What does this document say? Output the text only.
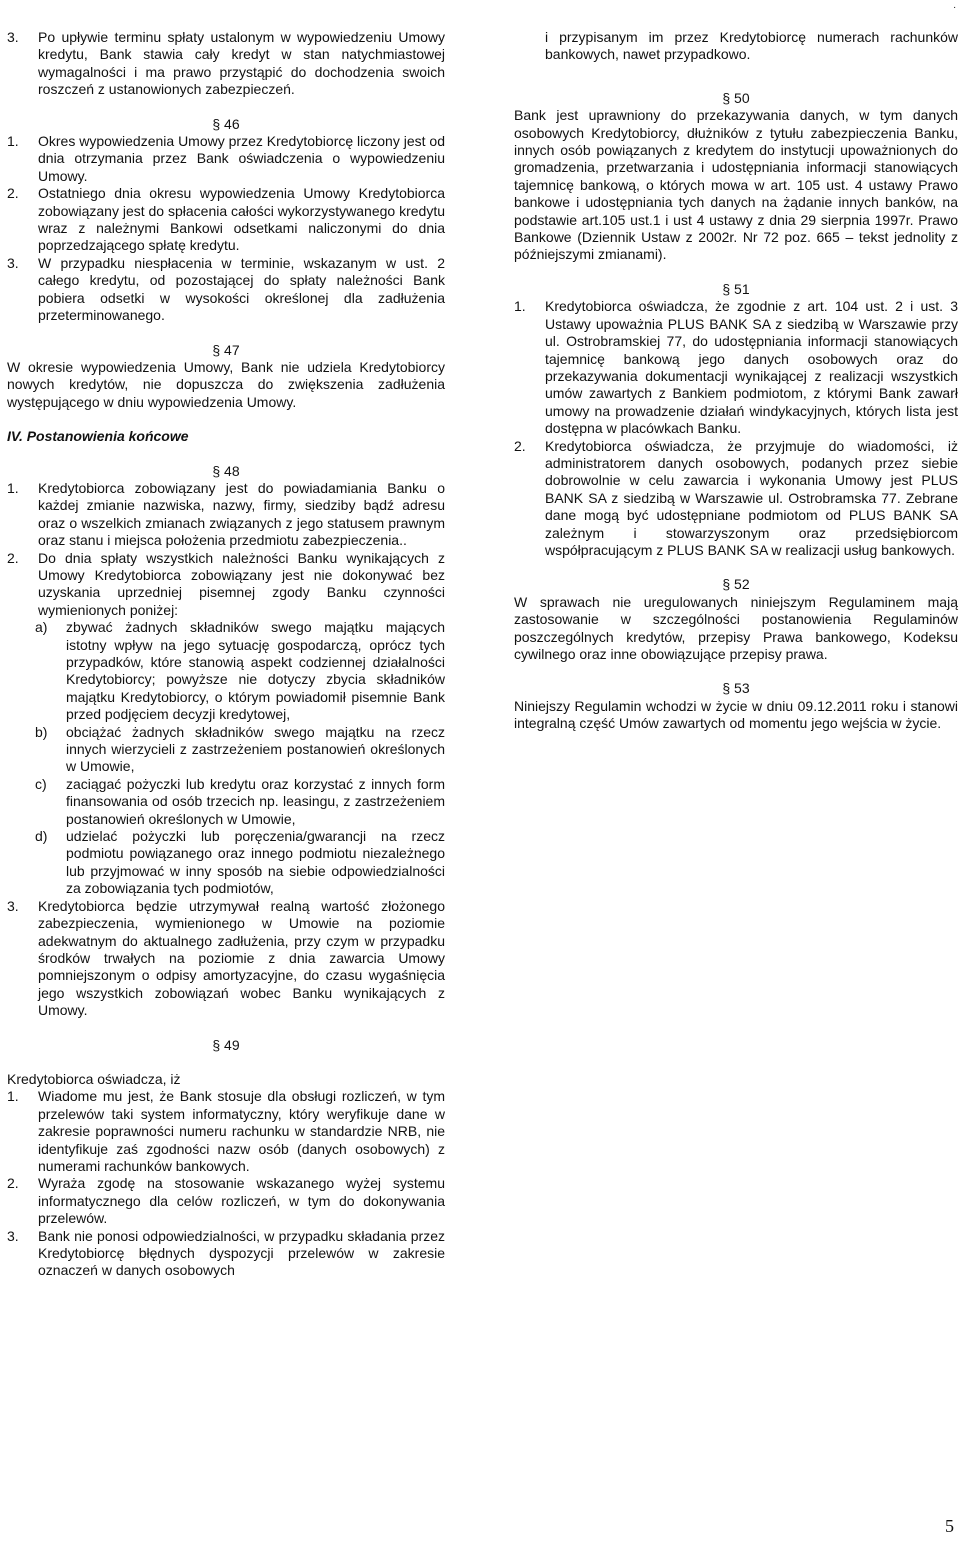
.

3. Po upływie terminu spłaty ustalonym w wypowiedzeniu Umowy kredytu, Bank stawia cały kredyt w stan natychmiastowej wymagalności i ma prawo przystąpić do dochodzenia swoich roszczeń z ustanowionych zabezpieczeń.

§ 46

1. Okres wypowiedzenia Umowy przez Kredytobiorcę liczony jest od dnia otrzymania przez Bank oświadczenia o wypowiedzeniu Umowy.

2. Ostatniego dnia okresu wypowiedzenia Umowy Kredytobiorca zobowiązany jest do spłacenia całości wykorzystywanego kredytu wraz z należnymi Bankowi odsetkami naliczonymi do dnia poprzedzającego spłatę kredytu.

3. W przypadku niespłacenia w terminie, wskazanym w ust. 2 całego kredytu, od pozostającej do spłaty należności Bank pobiera odsetki w wysokości określonej dla zadłużenia przeterminowanego.

§ 47

W okresie wypowiedzenia Umowy, Bank nie udziela Kredytobiorcy nowych kredytów, nie dopuszcza do zwiększenia zadłużenia występującego w dniu wypowiedzenia Umowy.

IV. Postanowienia końcowe

§ 48

1. Kredytobiorca zobowiązany jest do powiadamiania Banku o każdej zmianie nazwiska, nazwy, firmy, siedziby bądź adresu oraz o wszelkich zmianach związanych z jego statusem prawnym oraz stanu i miejsca położenia przedmiotu zabezpieczenia..

2. Do dnia spłaty wszystkich należności Banku wynikających z Umowy Kredytobiorca zobowiązany jest nie dokonywać bez uzyskania uprzedniej pisemnej zgody Banku czynności wymienionych poniżej:

a) zbywać żadnych składników swego majątku mających istotny wpływ na jego sytuację gospodarczą, oprócz tych przypadków, które stanowią aspekt codziennej działalności Kredytobiorcy; powyższe nie dotyczy zbycia składników majątku Kredytobiorcy, o którym powiadomił pisemnie Bank przed podjęciem decyzji kredytowej,

b) obciążać żadnych składników swego majątku na rzecz innych wierzycieli z zastrzeżeniem postanowień określonych w Umowie,

c) zaciągać pożyczki lub kredytu oraz korzystać z innych form finansowania od osób trzecich np. leasingu, z zastrzeżeniem postanowień określonych w Umowie,

d) udzielać pożyczki lub poręczenia/gwarancji na rzecz podmiotu powiązanego oraz innego podmiotu niezależnego lub przyjmować w inny sposób na siebie odpowiedzialności za zobowiązania tych podmiotów,

3. Kredytobiorca będzie utrzymywał realną wartość złożonego zabezpieczenia, wymienionego w Umowie na poziomie adekwatnym do aktualnego zadłużenia, przy czym w przypadku środków trwałych na poziomie z dnia zawarcia Umowy pomniejszonym o odpisy amortyzacyjne, do czasu wygaśnięcia jego wszystkich zobowiązań wobec Banku wynikających z Umowy.

§ 49

Kredytobiorca oświadcza, iż

1. Wiadome mu jest, że Bank stosuje dla obsługi rozliczeń, w tym przelewów taki system informatyczny, który weryfikuje dane w zakresie poprawności numeru rachunku w standardzie NRB, nie identyfikuje zaś zgodności nazw osób (danych osobowych) z numerami rachunków bankowych.

2. Wyraża zgodę na stosowanie wskazanego wyżej systemu informatycznego dla celów rozliczeń, w tym do dokonywania przelewów.

3. Bank nie ponosi odpowiedzialności, w przypadku składania przez Kredytobiorcę błędnych dyspozycji przelewów w zakresie oznaczeń w danych osobowych

i przypisanym im przez Kredytobiorcę numerach rachunków bankowych, nawet przypadkowo.

§ 50

Bank jest uprawniony do przekazywania danych, w tym danych osobowych Kredytobiorcy, dłużników z tytułu zabezpieczenia Banku, innych osób powiązanych z kredytem do instytucji upoważnionych do gromadzenia, przetwarzania i udostępniania informacji stanowiących tajemnicę bankową, o których mowa w art. 105 ust. 4 ustawy Prawo bankowe i udostępniania tych danych na żądanie innych banków, na podstawie art.105 ust.1 i ust 4 ustawy z dnia 29 sierpnia 1997r. Prawo Bankowe (Dziennik Ustaw z 2002r. Nr 72 poz. 665 – tekst jednolity z późniejszymi zmianami).

§ 51

1. Kredytobiorca oświadcza, że zgodnie z art. 104 ust. 2 i ust. 3 Ustawy upoważnia PLUS BANK SA z siedzibą w Warszawie przy ul. Ostrobramskiej 77, do udostępniania informacji stanowiących tajemnicę bankową jego danych osobowych oraz do przekazywania dokumentacji wynikającej z realizacji wszystkich umów zawartych z Bankiem podmiotom, z którymi Bank zawarł umowy na prowadzenie działań windykacyjnych, których lista jest dostępna w placówkach Banku.

2. Kredytobiorca oświadcza, że przyjmuje do wiadomości, iż administratorem danych osobowych, podanych przez siebie dobrowolnie w celu zawarcia i wykonania Umowy jest PLUS BANK SA z siedzibą w Warszawie ul. Ostrobramska 77. Zebrane dane mogą być udostępniane podmiotom od PLUS BANK SA zależnym i stowarzyszonym oraz przedsiębiorcom współpracującym z PLUS BANK SA w realizacji usług bankowych.

§ 52

W sprawach nie uregulowanych niniejszym Regulaminem mają zastosowanie w szczególności postanowienia Regulaminów poszczególnych kredytów, przepisy Prawa bankowego, Kodeksu cywilnego oraz inne obowiązujące przepisy prawa.

§ 53

Niniejszy Regulamin wchodzi w życie w dniu 09.12.2011 roku i stanowi integralną część Umów zawartych od momentu jego wejścia w życie.

5
